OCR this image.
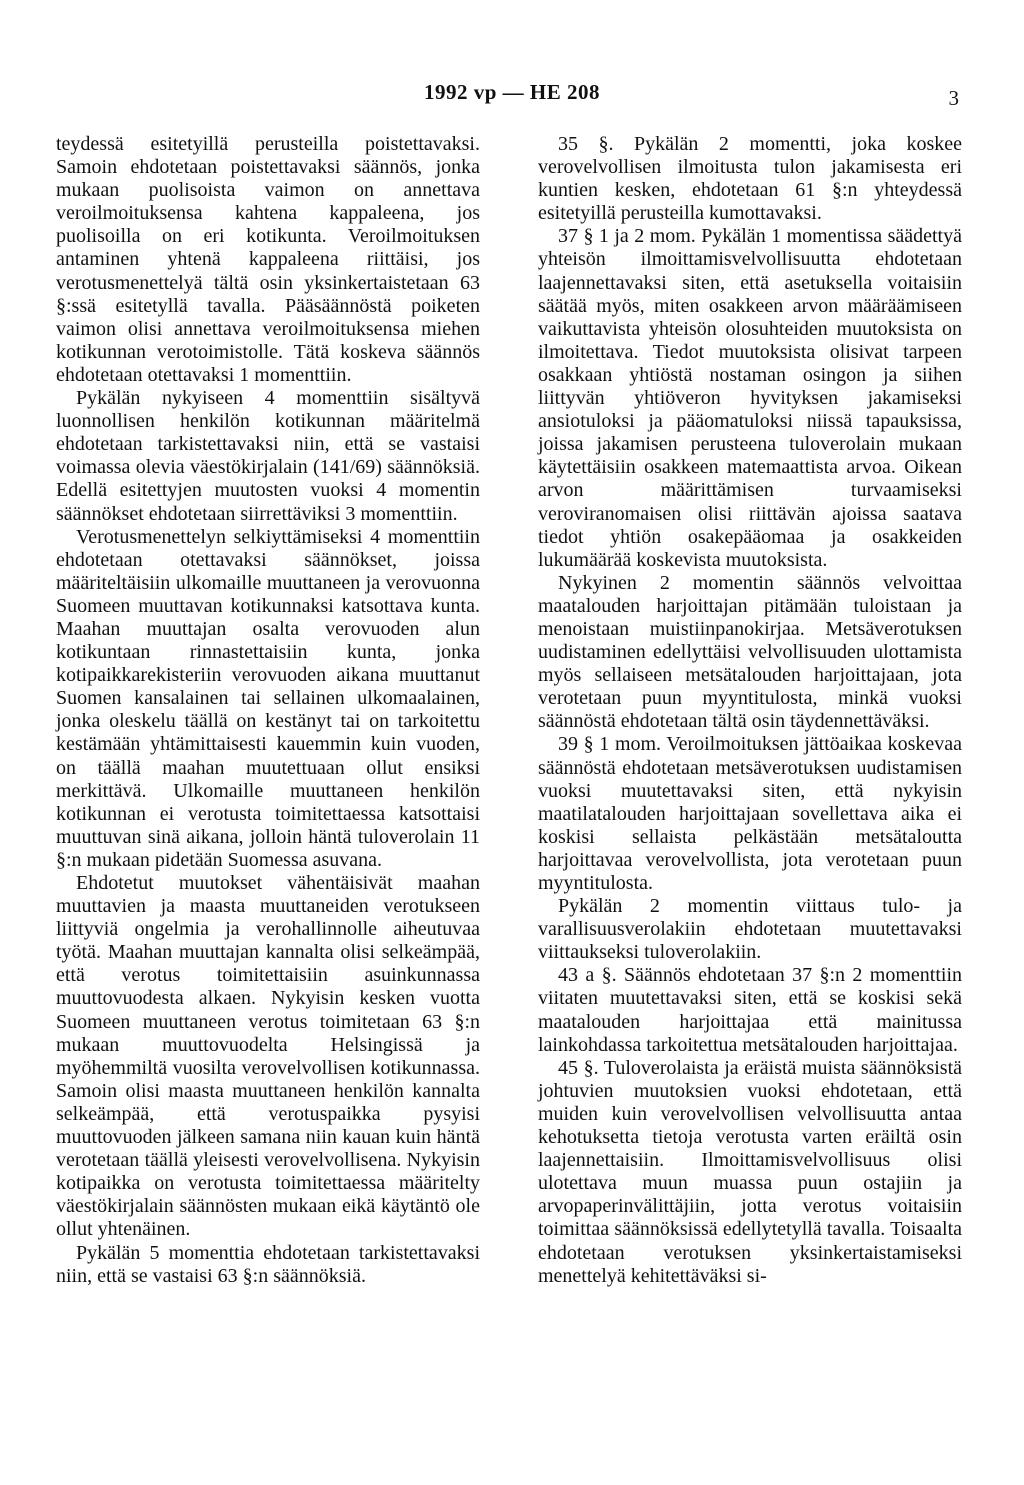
1992 vp — HE 208	3

teydessä esitetyillä perusteilla poistettavaksi. Samoin ehdotetaan poistettavaksi säännös, jonka mukaan puolisoista vaimon on annettava veroilmoituksensa kahtena kappaleena, jos puolisoilla on eri kotikunta. Veroilmoituksen antaminen yhtenä kappaleena riittäisi, jos verotusmenettelyä tältä osin yksinkertaistetaan 63 §:ssä esitetyllä tavalla. Pääsäännöstä poiketen vaimon olisi annettava veroilmoituksensa miehen kotikunnan verotoimistolle. Tätä koskeva säännös ehdotetaan otettavaksi 1 momenttiin.

Pykälän nykyiseen 4 momenttiin sisältyvä luonnollisen henkilön kotikunnan määritelmä ehdotetaan tarkistettavaksi niin, että se vastaisi voimassa olevia väestökirjalain (141/69) säännöksiä. Edellä esitettyjen muutosten vuoksi 4 momentin säännökset ehdotetaan siirrettäviksi 3 momenttiin.

Verotusmenettelyn selkiyttämiseksi 4 momenttiin ehdotetaan otettavaksi säännökset, joissa määriteltäisiin ulkomaille muuttaneen ja verovuonna Suomeen muuttavan kotikunnaksi katsottava kunta. Maahan muuttajan osalta verovuoden alun kotikuntaan rinnastettaisiin kunta, jonka kotipaikkarekisteriin verovuoden aikana muuttanut Suomen kansalainen tai sellainen ulkomaalainen, jonka oleskelu täällä on kestänyt tai on tarkoitettu kestämään yhtämittaisesti kauemmin kuin vuoden, on täällä maahan muutettuaan ollut ensiksi merkittävä. Ulkomaille muuttaneen henkilön kotikunnan ei verotusta toimitettaessa katsottaisi muuttuvan sinä aikana, jolloin häntä tuloverolain 11 §:n mukaan pidetään Suomessa asuvana.

Ehdotetut muutokset vähentäisivät maahan muuttavien ja maasta muuttaneiden verotukseen liittyviä ongelmia ja verohallinnolle aiheutuvaa työtä. Maahan muuttajan kannalta olisi selkeämpää, että verotus toimitettaisiin asuinkunnassa muuttovuodesta alkaen. Nykyisin kesken vuotta Suomeen muuttaneen verotus toimitetaan 63 §:n mukaan muuttovuodelta Helsingissä ja myöhemmiltä vuosilta verovelvollisen kotikunnassa. Samoin olisi maasta muuttaneen henkilön kannalta selkeämpää, että verotuspaikka pysyisi muuttovuoden jälkeen samana niin kauan kuin häntä verotetaan täällä yleisesti verovelvollisena. Nykyisin kotipaikka on verotusta toimitettaessa määritelty väestökirjalain säännösten mukaan eikä käytäntö ole ollut yhtenäinen.

Pykälän 5 momenttia ehdotetaan tarkistettavaksi niin, että se vastaisi 63 §:n säännöksiä.

35 §. Pykälän 2 momentti, joka koskee verovelvollisen ilmoitusta tulon jakamisesta eri kuntien kesken, ehdotetaan 61 §:n yhteydessä esitetyillä perusteilla kumottavaksi.

37 § 1 ja 2 mom. Pykälän 1 momentissa säädettyä yhteisön ilmoittamisvelvollisuutta ehdotetaan laajennettavaksi siten, että asetuksella voitaisiin säätää myös, miten osakkeen arvon määräämiseen vaikuttavista yhteisön olosuhteiden muutoksista on ilmoitettava. Tiedot muutoksista olisivat tarpeen osakkaan yhtiöstä nostaman osingon ja siihen liittyvän yhtiöveron hyvityksen jakamiseksi ansiotuloksi ja pääomatuloksi niissä tapauksissa, joissa jakamisen perusteena tuloverolain mukaan käytettäisiin osakkeen matemaattista arvoa. Oikean arvon määrittämisen turvaamiseksi veroviranomaisen olisi riittävän ajoissa saatava tiedot yhtiön osakepääomaa ja osakkeiden lukumäärää koskevista muutoksista.

Nykyinen 2 momentin säännös velvoittaa maatalouden harjoittajan pitämään tuloistaan ja menoistaan muistiinpanokirjaa. Metsäverotuksen uudistaminen edellyttäisi velvollisuuden ulottamista myös sellaiseen metsätalouden harjoittajaan, jota verotetaan puun myyntitulosta, minkä vuoksi säännöstä ehdotetaan tältä osin täydennettäväksi.

39 § 1 mom. Veroilmoituksen jättöaikaa koskevaa säännöstä ehdotetaan metsäverotuksen uudistamisen vuoksi muutettavaksi siten, että nykyisin maatilatalouden harjoittajaan sovellettava aika ei koskisi sellaista pelkästään metsätaloutta harjoittavaa verovelvollista, jota verotetaan puun myyntitulosta.

Pykälän 2 momentin viittaus tulo- ja varallisuusverolakiin ehdotetaan muutettavaksi viittaukseksi tuloverolakiin.

43 a §. Säännös ehdotetaan 37 §:n 2 momenttiin viitaten muutettavaksi siten, että se koskisi sekä maatalouden harjoittajaa että mainitussa lainkohdassa tarkoitettua metsätalouden harjoittajaa.

45 §. Tuloverolaista ja eräistä muista säännöksistä johtuvien muutoksien vuoksi ehdotetaan, että muiden kuin verovelvollisen velvollisuutta antaa kehotuksetta tietoja verotusta varten eräiltä osin laajennettaisiin. Ilmoittamisvelvollisuus olisi ulotettava muun muassa puun ostajiin ja arvopaperinvälittäjiin, jotta verotus voitaisiin toimittaa säännöksissä edellytetyllä tavalla. Toisaalta ehdotetaan verotuksen yksinkertaistamiseksi menettelyä kehitettäväksi si-
